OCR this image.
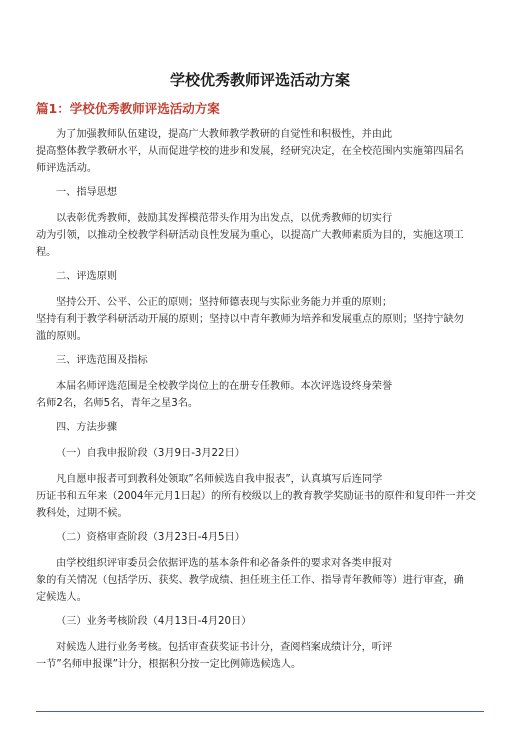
学校优秀教师评选活动方案
篇1：学校优秀教师评选活动方案
为了加强教师队伍建设，提高广大教师教学教研的自觉性和积极性，并由此
提高整体教学教研水平，从而促进学校的进步和发展，经研究决定，在全校范围内实施第四届名
师评选活动。
一、指导思想
以表彰优秀教师，鼓励其发挥模范带头作用为出发点，以优秀教师的切实行
动为引领，以推动全校教学科研活动良性发展为重心，以提高广大教师素质为目的，实施这项工
程。
二、评选原则
坚持公开、公平、公正的原则；坚持师德表现与实际业务能力并重的原则；
坚持有利于教学科研活动开展的原则；坚持以中青年教师为培养和发展重点的原则；坚持宁缺勿
滥的原则。
三、评选范围及指标
本届名师评选范围是全校教学岗位上的在册专任教师。本次评选设终身荣誉
名师2名，名师5名，青年之星3名。
四、方法步骤
（一）自我申报阶段（3月9日-3月22日）
凡自愿申报者可到教科处领取”名师候选自我申报表”，认真填写后连同学
历证书和五年来（2004年元月1日起）的所有校级以上的教育教学奖励证书的原件和复印件一并交
教科处，过期不候。
（二）资格审查阶段（3月23日-4月5日）
由学校组织评审委员会依据评选的基本条件和必备条件的要求对各类申报对
象的有关情况（包括学历、获奖、教学成绩、担任班主任工作、指导青年教师等）进行审查，确
定候选人。
（三）业务考核阶段（4月13日-4月20日）
对候选人进行业务考核。包括审查获奖证书计分，查阅档案成绩计分，听评
一节”名师申报课”计分，根据积分按一定比例筛选候选人。
